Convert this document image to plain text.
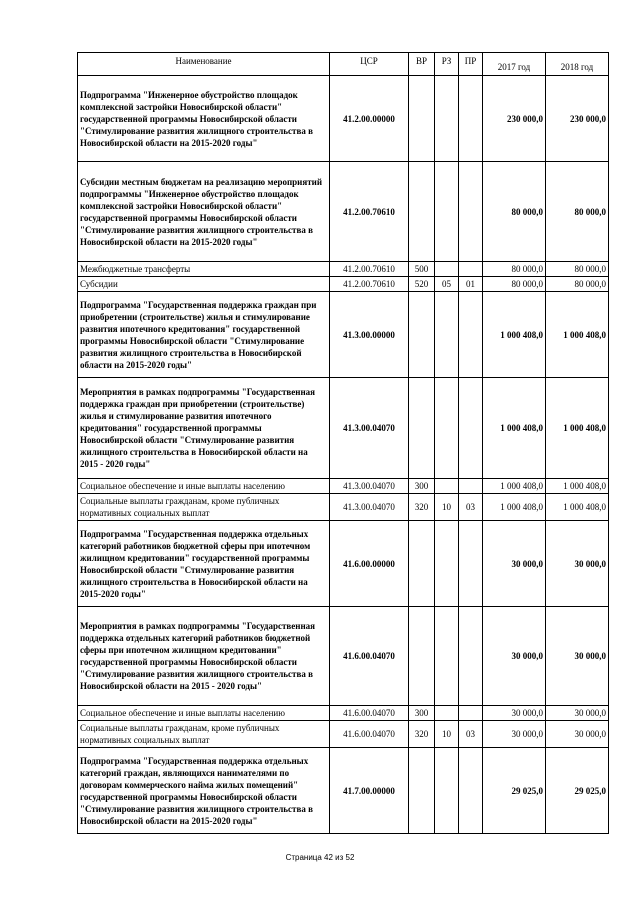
Наименование	ЦСР	ВР	РЗ	ПР	2017 год	2018 год
Подпрограмма "Инженерное обустройство площадок комплексной застройки Новосибирской области" государственной программы Новосибирской области "Стимулирование развития жилищного строительства в Новосибирской области на 2015-2020 годы"	41.2.00.00000				230 000,0	230 000,0
Субсидии местным бюджетам на реализацию мероприятий подпрограммы "Инженерное обустройство площадок комплексной застройки Новосибирской области" государственной программы Новосибирской области "Стимулирование развития жилищного строительства в Новосибирской области на 2015-2020 годы"	41.2.00.70610				80 000,0	80 000,0
Межбюджетные трансферты	41.2.00.70610	500			80 000,0	80 000,0
Субсидии	41.2.00.70610	520	05	01	80 000,0	80 000,0
Подпрограмма "Государственная поддержка граждан при приобретении (строительстве) жилья и стимулирование развития ипотечного кредитования" государственной программы Новосибирской области "Стимулирование развития жилищного строительства в Новосибирской области на 2015-2020 годы"	41.3.00.00000				1 000 408,0	1 000 408,0
Мероприятия в рамках подпрограммы "Государственная поддержка граждан при приобретении (строительстве) жилья и стимулирование развития ипотечного кредитования" государственной программы Новосибирской области "Стимулирование развития жилищного строительства в Новосибирской области на 2015 - 2020 годы"	41.3.00.04070				1 000 408,0	1 000 408,0
Социальное обеспечение и иные выплаты населению	41.3.00.04070	300			1 000 408,0	1 000 408,0
Социальные выплаты гражданам, кроме публичных нормативных социальных выплат	41.3.00.04070	320	10	03	1 000 408,0	1 000 408,0
Подпрограмма "Государственная поддержка отдельных категорий работников бюджетной сферы при ипотечном жилищном кредитовании" государственной программы Новосибирской области "Стимулирование развития жилищного строительства в Новосибирской области на 2015-2020 годы"	41.6.00.00000				30 000,0	30 000,0
Мероприятия в рамках подпрограммы "Государственная поддержка отдельных категорий работников бюджетной сферы при ипотечном жилищном кредитовании" государственной программы Новосибирской области "Стимулирование развития жилищного строительства в Новосибирской области на 2015 - 2020 годы"	41.6.00.04070				30 000,0	30 000,0
Социальное обеспечение и иные выплаты населению	41.6.00.04070	300			30 000,0	30 000,0
Социальные выплаты гражданам, кроме публичных нормативных социальных выплат	41.6.00.04070	320	10	03	30 000,0	30 000,0
Подпрограмма "Государственная поддержка отдельных категорий граждан, являющихся нанимателями по договорам коммерческого найма жилых помещений" государственной программы Новосибирской области "Стимулирование развития жилищного строительства в Новосибирской области на 2015-2020 годы"	41.7.00.00000				29 025,0	29 025,0
Страница 42 из 52
